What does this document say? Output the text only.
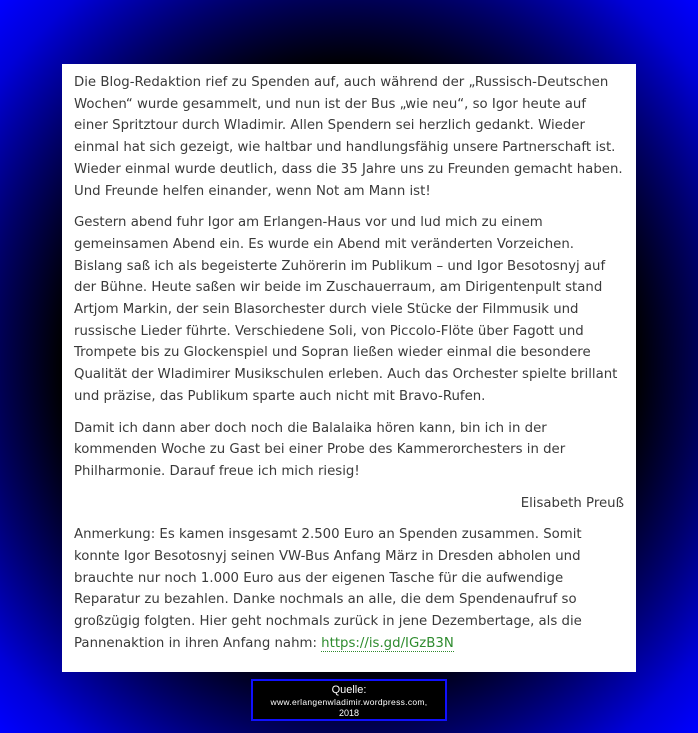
Die Blog-Redaktion rief zu Spenden auf, auch während der „Russisch-Deutschen Wochen“ wurde gesammelt, und nun ist der Bus „wie neu“, so Igor heute auf einer Spritztour durch Wladimir. Allen Spendern sei herzlich gedankt. Wieder einmal hat sich gezeigt, wie haltbar und handlungsfähig unsere Partnerschaft ist. Wieder einmal wurde deutlich, dass die 35 Jahre uns zu Freunden gemacht haben. Und Freunde helfen einander, wenn Not am Mann ist!

Gestern abend fuhr Igor am Erlangen-Haus vor und lud mich zu einem gemeinsamen Abend ein. Es wurde ein Abend mit veränderten Vorzeichen. Bislang saß ich als begeisterte Zuhörerin im Publikum – und Igor Besotosnyj auf der Bühne. Heute saßen wir beide im Zuschauerraum, am Dirigentenpult stand Artjom Markin, der sein Blasorchester durch viele Stücke der Filmmusik und russische Lieder führte. Verschiedene Soli, von Piccolo-Flöte über Fagott und Trompete bis zu Glockenspiel und Sopran ließen wieder einmal die besondere Qualität der Wladimirer Musikschulen erleben. Auch das Orchester spielte brillant und präzise, das Publikum sparte auch nicht mit Bravo-Rufen.

Damit ich dann aber doch noch die Balalaika hören kann, bin ich in der kommenden Woche zu Gast bei einer Probe des Kammerorchesters in der Philharmonie. Darauf freue ich mich riesig!

Elisabeth Preuß

Anmerkung: Es kamen insgesamt 2.500 Euro an Spenden zusammen. Somit konnte Igor Besotosnyj seinen VW-Bus Anfang März in Dresden abholen und brauchte nur noch 1.000 Euro aus der eigenen Tasche für die aufwendige Reparatur zu bezahlen. Danke nochmals an alle, die dem Spendenaufruf so großzügig folgten. Hier geht nochmals zurück in jene Dezembertage, als die Pannenaktion in ihren Anfang nahm: https://is.gd/IGzB3N

Quelle:
www.erlangenwladimir.wordpress.com,
2018
